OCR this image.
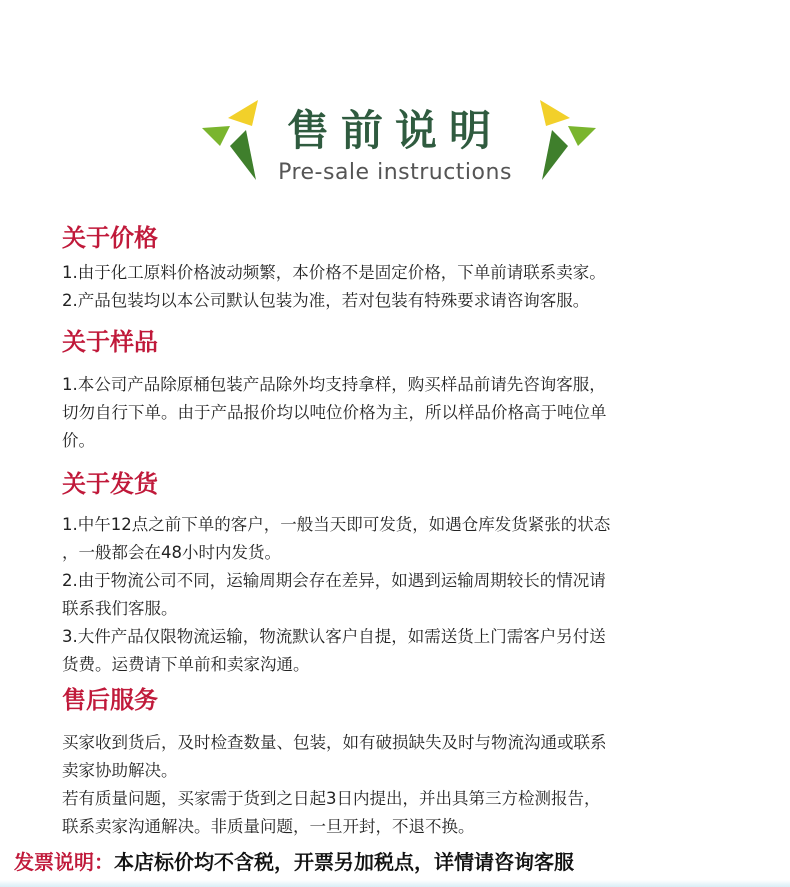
售前说明
Pre-sale instructions
关于价格
1.由于化工原料价格波动频繁，本价格不是固定价格，下单前请联系卖家。
2.产品包装均以本公司默认包装为准，若对包装有特殊要求请咨询客服。
关于样品
1.本公司产品除原桶包装产品除外均支持拿样，购买样品前请先咨询客服，
切勿自行下单。由于产品报价均以吨位价格为主，所以样品价格高于吨位单
价。
关于发货
1.中午12点之前下单的客户，一般当天即可发货，如遇仓库发货紧张的状态
，一般都会在48小时内发货。
2.由于物流公司不同，运输周期会存在差异，如遇到运输周期较长的情况请
联系我们客服。
3.大件产品仅限物流运输，物流默认客户自提，如需送货上门需客户另付送
货费。运费请下单前和卖家沟通。
售后服务
买家收到货后，及时检查数量、包装，如有破损缺失及时与物流沟通或联系
卖家协助解决。
若有质量问题，买家需于货到之日起3日内提出，并出具第三方检测报告，
联系卖家沟通解决。非质量问题，一旦开封，不退不换。
发票说明：本店标价均不含税，开票另加税点，详情请咨询客服
